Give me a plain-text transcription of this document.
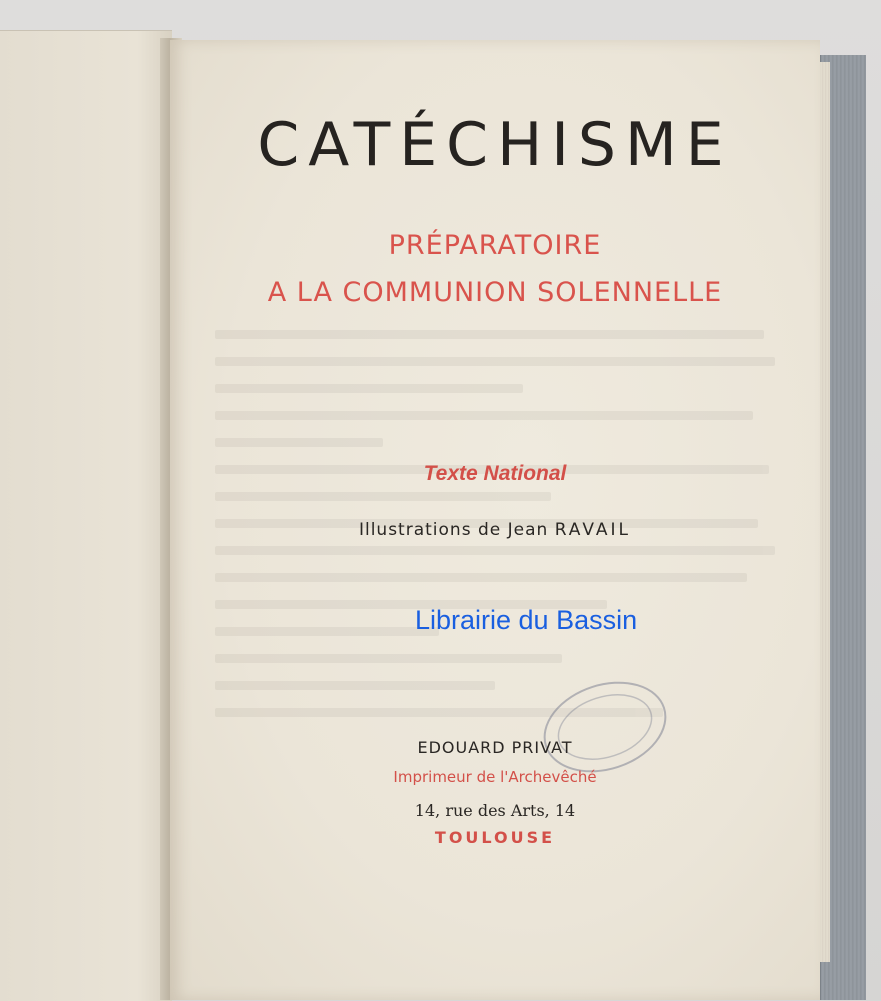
CATÉCHISME
PRÉPARATOIRE
A LA COMMUNION SOLENNELLE
Texte National
Illustrations de Jean RAVAIL
Librairie du Bassin
EDOUARD PRIVAT
Imprimeur de l'Archevêché
14, rue des Arts, 14
TOULOUSE
